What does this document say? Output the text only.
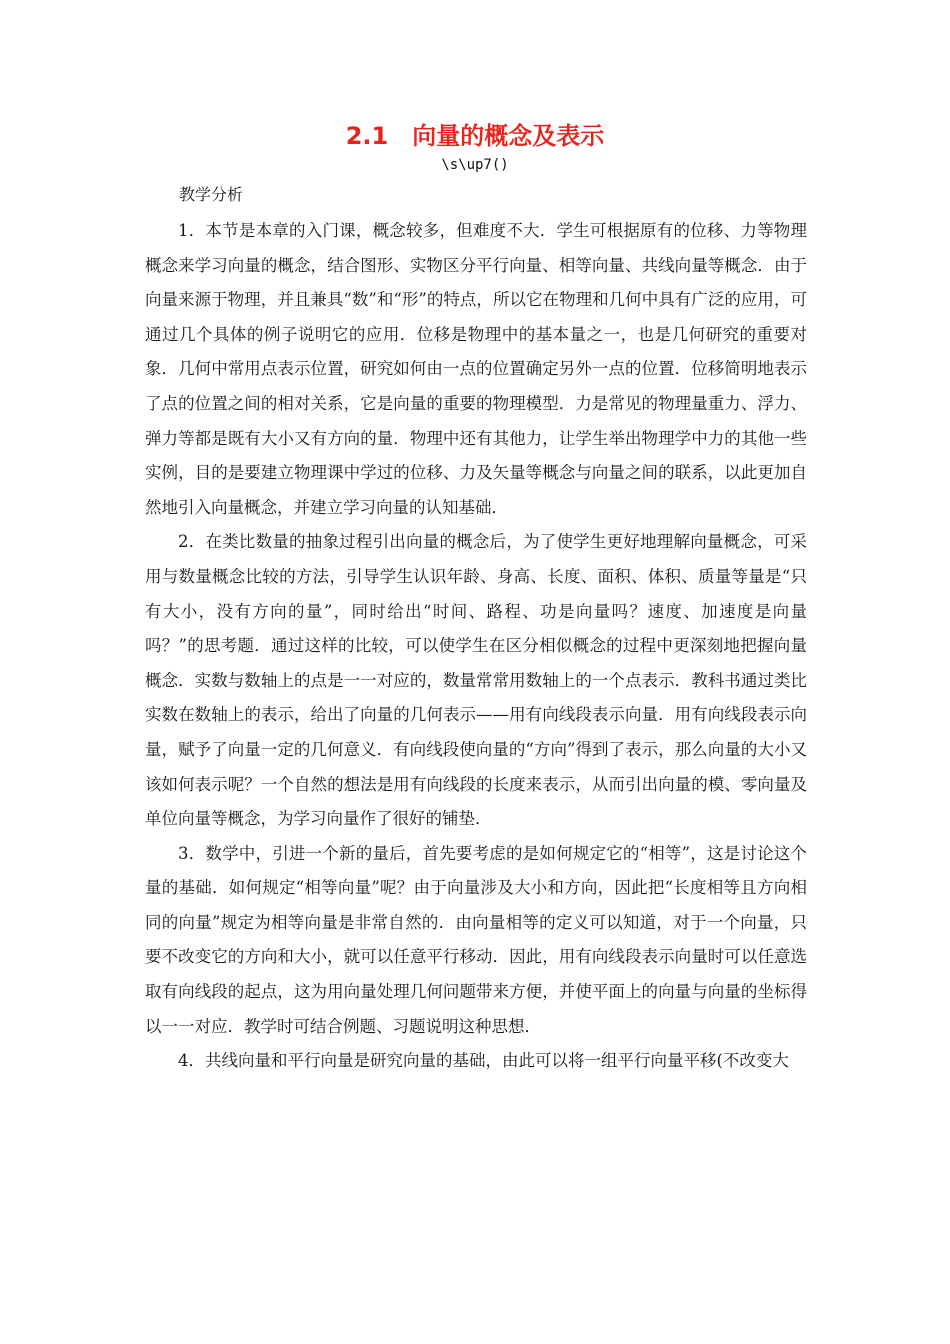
2.1　向量的概念及表示
\s\up7()
教学分析

1．本节是本章的入门课，概念较多，但难度不大．学生可根据原有的位移、力等物理概念来学习向量的概念，结合图形、实物区分平行向量、相等向量、共线向量等概念．由于向量来源于物理，并且兼具“数”和“形”的特点，所以它在物理和几何中具有广泛的应用，可通过几个具体的例子说明它的应用．位移是物理中的基本量之一，也是几何研究的重要对象．几何中常用点表示位置，研究如何由一点的位置确定另外一点的位置．位移简明地表示了点的位置之间的相对关系，它是向量的重要的物理模型．力是常见的物理量重力、浮力、弹力等都是既有大小又有方向的量．物理中还有其他力，让学生举出物理学中力的其他一些实例，目的是要建立物理课中学过的位移、力及矢量等概念与向量之间的联系，以此更加自然地引入向量概念，并建立学习向量的认知基础．

2．在类比数量的抽象过程引出向量的概念后，为了使学生更好地理解向量概念，可采用与数量概念比较的方法，引导学生认识年龄、身高、长度、面积、体积、质量等量是“只有大小，没有方向的量”，同时给出“时间、路程、功是向量吗？速度、加速度是向量吗？”的思考题．通过这样的比较，可以使学生在区分相似概念的过程中更深刻地把握向量概念．实数与数轴上的点是一一对应的，数量常常用数轴上的一个点表示．教科书通过类比实数在数轴上的表示，给出了向量的几何表示——用有向线段表示向量．用有向线段表示向量，赋予了向量一定的几何意义．有向线段使向量的“方向”得到了表示，那么向量的大小又该如何表示呢？一个自然的想法是用有向线段的长度来表示，从而引出向量的模、零向量及单位向量等概念，为学习向量作了很好的铺垫．

3．数学中，引进一个新的量后，首先要考虑的是如何规定它的“相等”，这是讨论这个量的基础．如何规定“相等向量”呢？由于向量涉及大小和方向，因此把“长度相等且方向相同的向量”规定为相等向量是非常自然的．由向量相等的定义可以知道，对于一个向量，只要不改变它的方向和大小，就可以任意平行移动．因此，用有向线段表示向量时可以任意选取有向线段的起点，这为用向量处理几何问题带来方便，并使平面上的向量与向量的坐标得以一一对应．教学时可结合例题、习题说明这种思想．

4．共线向量和平行向量是研究向量的基础，由此可以将一组平行向量平移(不改变大
